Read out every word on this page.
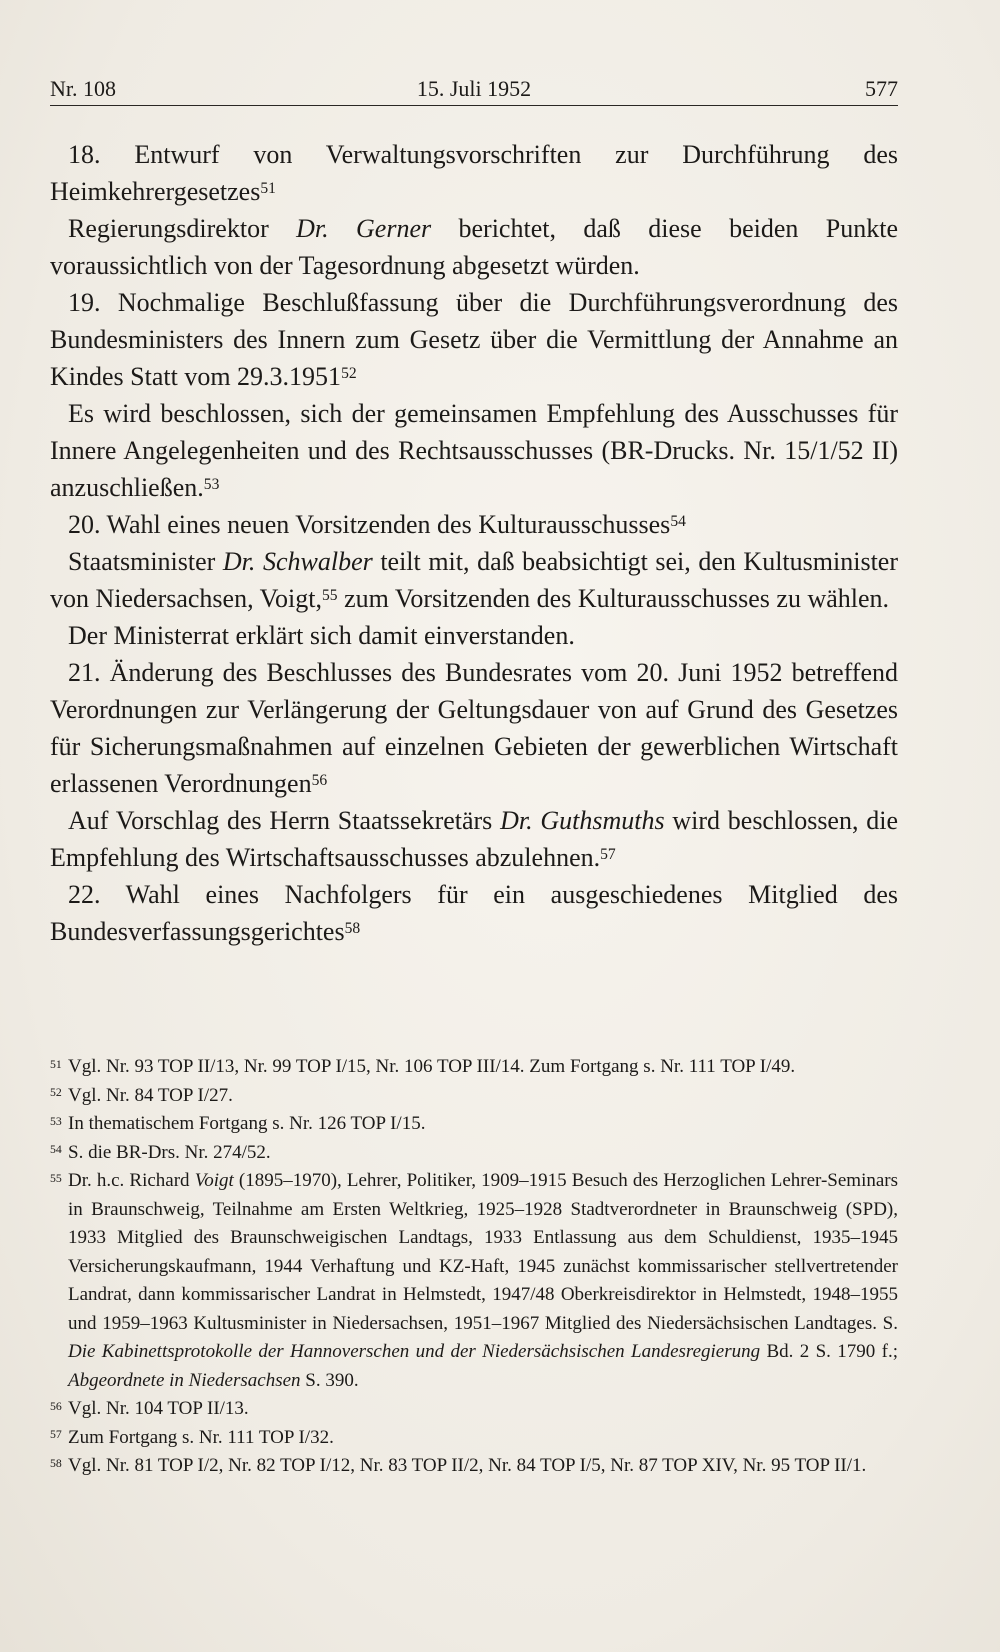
Nr. 108	15. Juli 1952	577

18. Entwurf von Verwaltungsvorschriften zur Durchführung des Heimkehrergesetzes$^{51}$

Regierungsdirektor Dr. Gerner berichtet, daß diese beiden Punkte voraussichtlich von der Tagesordnung abgesetzt würden.

19. Nochmalige Beschlußfassung über die Durchführungsverordnung des Bundesministers des Innern zum Gesetz über die Vermittlung der Annahme an Kindes Statt vom 29.3.1951$^{52}$

Es wird beschlossen, sich der gemeinsamen Empfehlung des Ausschusses für Innere Angelegenheiten und des Rechtsausschusses (BR-Drucks. Nr. 15/1/52 II) anzuschließen.$^{53}$

20. Wahl eines neuen Vorsitzenden des Kulturausschusses$^{54}$

Staatsminister Dr. Schwalber teilt mit, daß beabsichtigt sei, den Kultusminister von Niedersachsen, Voigt,$^{55}$ zum Vorsitzenden des Kulturausschusses zu wählen.

Der Ministerrat erklärt sich damit einverstanden.

21. Änderung des Beschlusses des Bundesrates vom 20. Juni 1952 betreffend Verordnungen zur Verlängerung der Geltungsdauer von auf Grund des Gesetzes für Sicherungsmaßnahmen auf einzelnen Gebieten der gewerblichen Wirtschaft erlassenen Verordnungen$^{56}$

Auf Vorschlag des Herrn Staatssekretärs Dr. Guthsmuths wird beschlossen, die Empfehlung des Wirtschaftsausschusses abzulehnen.$^{57}$

22. Wahl eines Nachfolgers für ein ausgeschiedenes Mitglied des Bundesverfassungsgerichtes$^{58}$

$^{51}$ Vgl. Nr. 93 TOP II/13, Nr. 99 TOP I/15, Nr. 106 TOP III/14. Zum Fortgang s. Nr. 111 TOP I/49.

$^{52}$ Vgl. Nr. 84 TOP I/27.

$^{53}$ In thematischem Fortgang s. Nr. 126 TOP I/15.

$^{54}$ S. die BR-Drs. Nr. 274/52.

$^{55}$ Dr. h.c. Richard Voigt (1895–1970), Lehrer, Politiker, 1909–1915 Besuch des Herzoglichen Lehrer-Seminars in Braunschweig, Teilnahme am Ersten Weltkrieg, 1925–1928 Stadtverordneter in Braunschweig (SPD), 1933 Mitglied des Braunschweigischen Landtags, 1933 Entlassung aus dem Schuldienst, 1935–1945 Versicherungskaufmann, 1944 Verhaftung und KZ-Haft, 1945 zunächst kommissarischer stellvertretender Landrat, dann kommissarischer Landrat in Helmstedt, 1947/48 Oberkreisdirektor in Helmstedt, 1948–1955 und 1959–1963 Kultusminister in Niedersachsen, 1951–1967 Mitglied des Niedersächsischen Landtages. S. Die Kabinettsprotokolle der Hannoverschen und der Niedersächsischen Landesregierung Bd. 2 S. 1790 f.; Abgeordnete in Niedersachsen S. 390.

$^{56}$ Vgl. Nr. 104 TOP II/13.

$^{57}$ Zum Fortgang s. Nr. 111 TOP I/32.

$^{58}$ Vgl. Nr. 81 TOP I/2, Nr. 82 TOP I/12, Nr. 83 TOP II/2, Nr. 84 TOP I/5, Nr. 87 TOP XIV, Nr. 95 TOP II/1.
